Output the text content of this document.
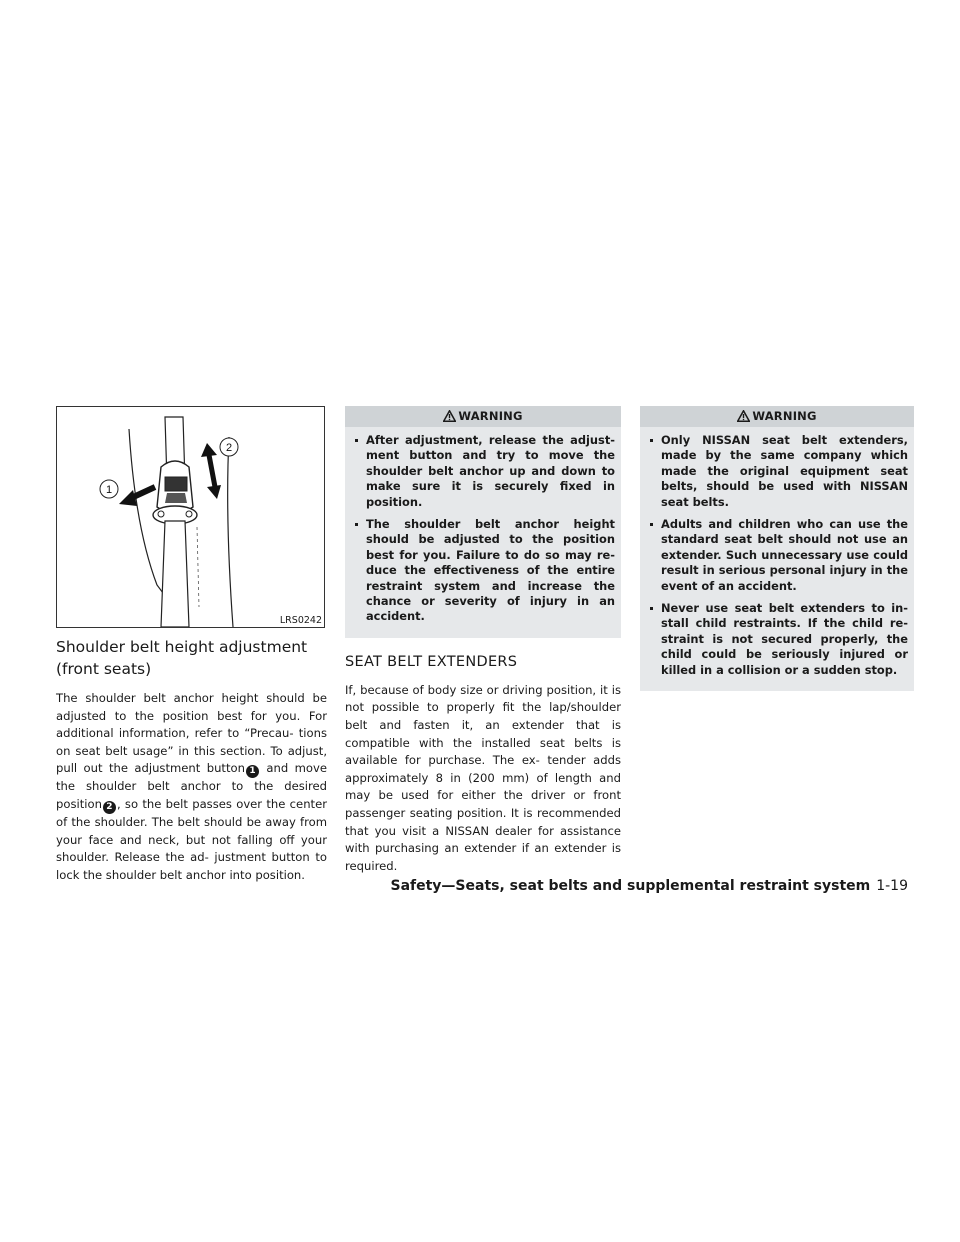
1
2
LRS0242
Shoulder belt height adjustment
(front seats)

The shoulder belt anchor height should be adjusted to the position best for you. For additional information, refer to “Precau- tions on seat belt usage” in this section. To adjust, pull out the adjustment button 1 and move the shoulder belt anchor to the desired position 2 , so the belt passes over the center of the shoulder. The belt should be away from your face and neck, but not falling off your shoulder. Release the ad- justment button to lock the shoulder belt anchor into position.

WARNING
After adjustment, release the adjust- ment button and try to move the shoulder belt anchor up and down to make sure it is securely fixed in position.
The shoulder belt anchor height should be adjusted to the position best for you. Failure to do so may re- duce the effectiveness of the entire restraint system and increase the chance or severity of injury in an accident.
SEAT BELT EXTENDERS

If, because of body size or driving position, it is not possible to properly fit the lap/shoulder belt and fasten it, an extender that is compatible with the installed seat belts is available for purchase. The ex- tender adds approximately 8 in (200 mm) of length and may be used for either the driver or front passenger seating position. It is recommended that you visit a NISSAN dealer for assistance with purchasing an extender if an extender is required.

WARNING
Only NISSAN seat belt extenders, made by the same company which made the original equipment seat belts, should be used with NISSAN seat belts.
Adults and children who can use the standard seat belt should not use an extender. Such unnecessary use could result in serious personal injury in the event of an accident.
Never use seat belt extenders to in- stall child restraints. If the child re- straint is not secured properly, the child could be seriously injured or killed in a collision or a sudden stop.
Safety—Seats, seat belts and supplemental restraint system 1-19
